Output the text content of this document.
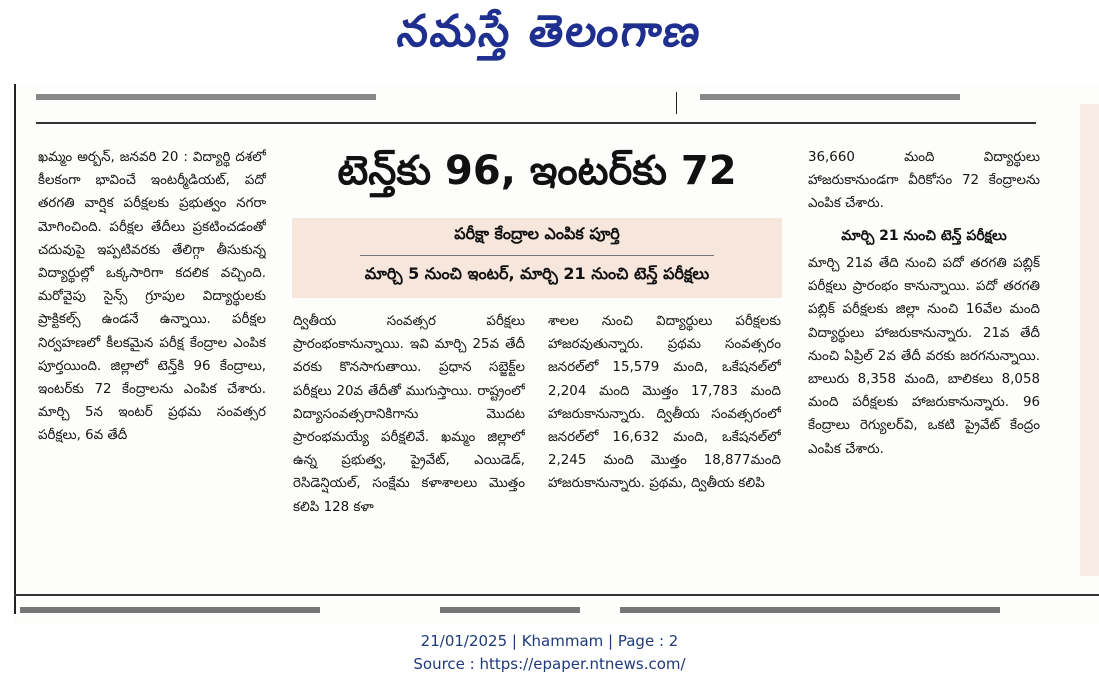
నమస్తే తెలంగాణ
టెన్త్‌కు 96, ఇంటర్‌కు 72
పరీక్షా కేంద్రాల ఎంపిక పూర్తి
మార్చి 5 నుంచి ఇంటర్, మార్చి 21 నుంచి టెన్త్ పరీక్షలు

ఖమ్మం అర్బన్, జనవరి 20 : విద్యార్థి దశలో కీలకంగా భావించే ఇంటర్మీడియట్, పదో తరగతి వార్షిక పరీక్షలకు ప్రభుత్వం నగరా మోగించింది. పరీక్షల తేదీలు ప్రకటించడంతో చదువుపై ఇప్పటివరకు తేలిగ్గా తీసుకున్న విద్యార్థుల్లో ఒక్కసారిగా కదలిక వచ్చింది. మరోవైపు సైన్స్ గ్రూపుల విద్యార్థులకు ప్రాక్టికల్స్ ఉండనే ఉన్నాయి. పరీక్షల నిర్వహణలో కీలకమైన పరీక్ష కేంద్రాల ఎంపిక పూర్తయింది. జిల్లాలో టెన్త్‌కి 96 కేంద్రాలు, ఇంటర్‌కు 72 కేంద్రాలను ఎంపిక చేశారు. మార్చి 5న ఇంటర్ ప్రథమ సంవత్సర పరీక్షలు, 6వ తేదీ

ద్వితీయ సంవత్సర పరీక్షలు ప్రారంభంకానున్నాయి. ఇవి మార్చి 25వ తేదీ వరకు కొనసాగుతాయి. ప్రధాన సబ్జెక్ట్‌ల పరీక్షలు 20వ తేదీతో ముగుస్తాయి. రాష్ట్రంలో విద్యాసంవత్సరానికిగాను మొదట ప్రారంభమయ్యే పరీక్షలివే. ఖమ్మం జిల్లాలో ఉన్న ప్రభుత్వ, ప్రైవేట్, ఎయిడెడ్, రెసిడెన్షియల్, సంక్షేమ కళాశాలలు మొత్తం కలిపి 128 కళా

శాలల నుంచి విద్యార్థులు పరీక్షలకు హాజరవుతున్నారు. ప్రథమ సంవత్సరం జనరల్‌లో 15,579 మంది, ఒకేషనల్‌లో 2,204 మంది మొత్తం 17,783 మంది హాజరుకానున్నారు. ద్వితీయ సంవత్సరంలో జనరల్‌లో 16,632 మంది, ఒకేషనల్‌లో 2,245 మంది మొత్తం 18,877మంది హాజరుకానున్నారు. ప్రథమ, ద్వితీయ కలిపి

36,660 మంది విద్యార్థులు హాజరుకానుండగా వీరికోసం 72 కేంద్రాలను ఎంపిక చేశారు.

మార్చి 21 నుంచి టెన్త్ పరీక్షలు

మార్చి 21వ తేది నుంచి పదో తరగతి పబ్లిక్ పరీక్షలు ప్రారంభం కానున్నాయి. పదో తరగతి పబ్లిక్ పరీక్షలకు జిల్లా నుంచి 16వేల మంది విద్యార్థులు హాజరుకానున్నారు. 21వ తేదీ నుంచి ఏప్రిల్ 2వ తేదీ వరకు జరగనున్నాయి. బాలురు 8,358 మంది, బాలికలు 8,058 మంది పరీక్షలకు హాజరుకానున్నారు. 96 కేంద్రాలు రెగ్యులర్‌వి, ఒకటి ప్రైవేట్ కేంద్రం ఎంపిక చేశారు.

21/01/2025 | Khammam | Page : 2
Source : https://epaper.ntnews.com/
